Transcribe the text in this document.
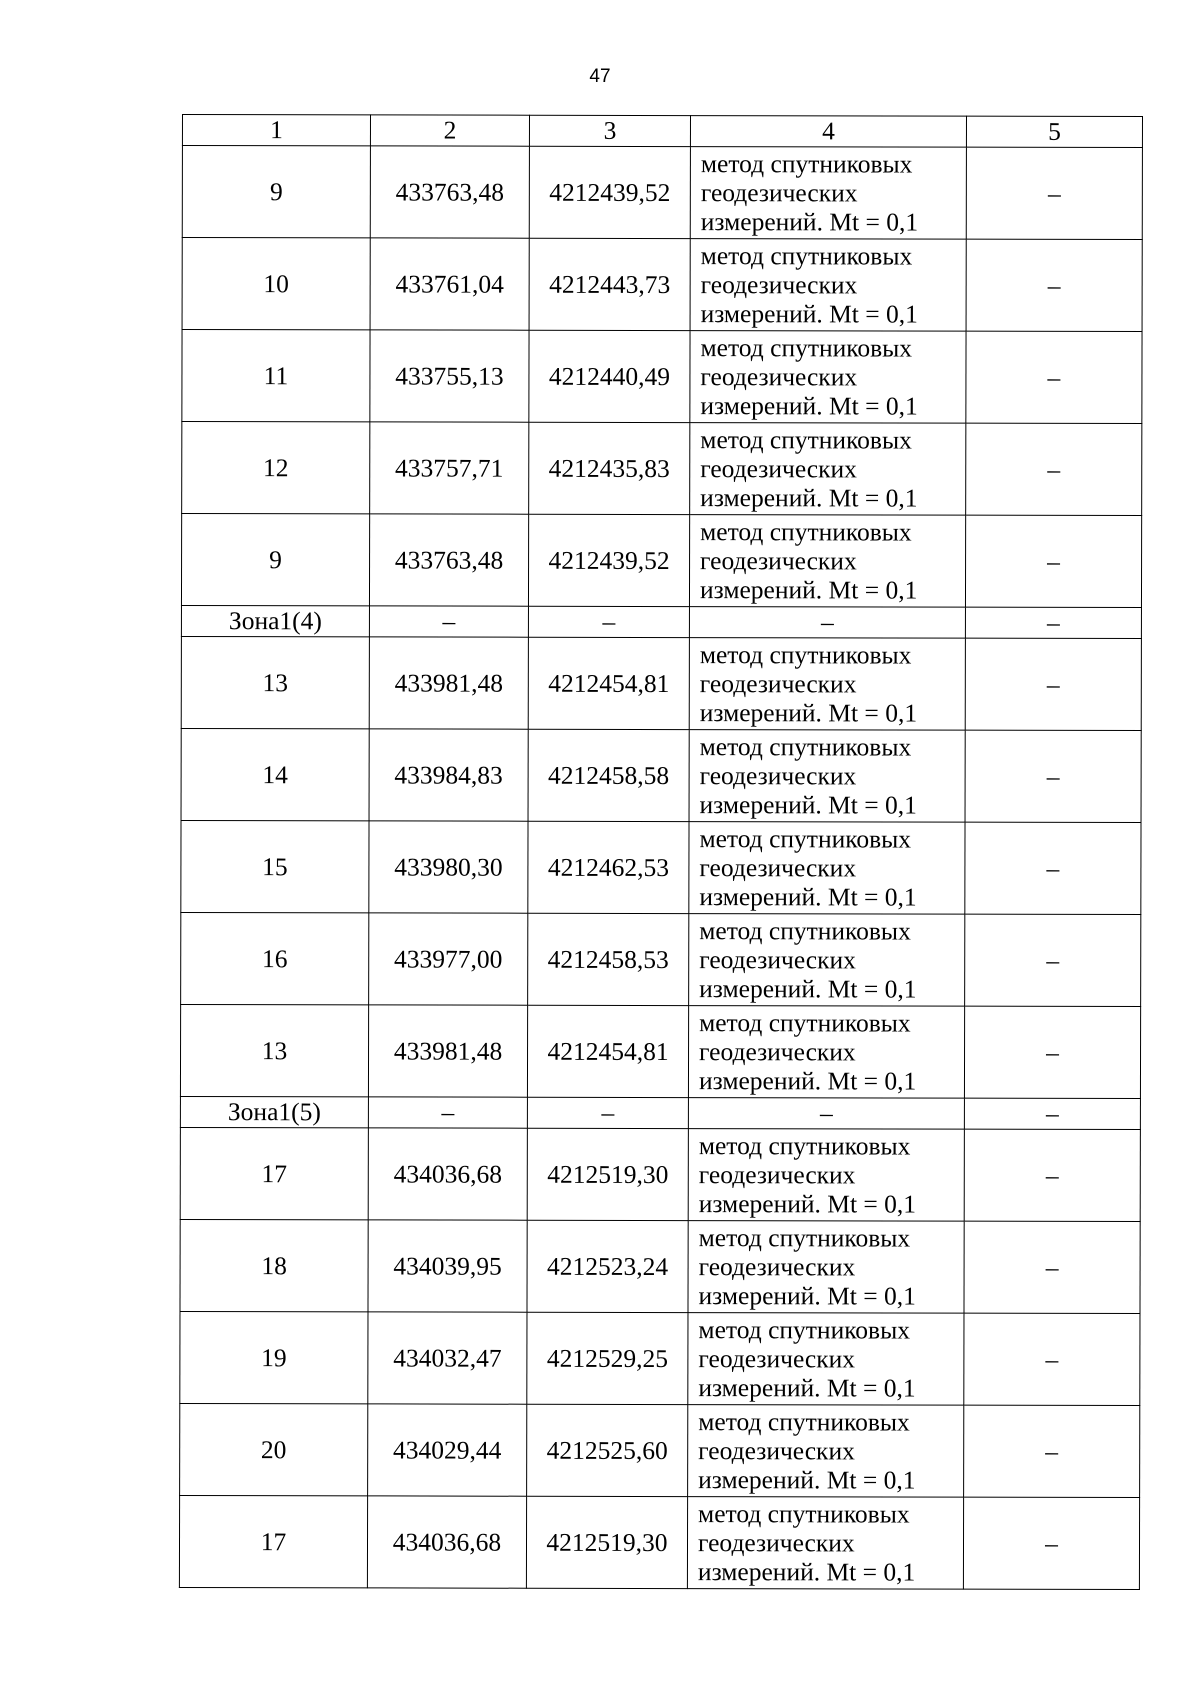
47
1	2	3	4	5
9	433763,48	4212439,52	метод спутниковых
геодезических
измерений. Mt = 0,1	–
10	433761,04	4212443,73	метод спутниковых
геодезических
измерений. Mt = 0,1	–
11	433755,13	4212440,49	метод спутниковых
геодезических
измерений. Mt = 0,1	–
12	433757,71	4212435,83	метод спутниковых
геодезических
измерений. Mt = 0,1	–
9	433763,48	4212439,52	метод спутниковых
геодезических
измерений. Mt = 0,1	–
Зона1(4)	–	–	–	–
13	433981,48	4212454,81	метод спутниковых
геодезических
измерений. Mt = 0,1	–
14	433984,83	4212458,58	метод спутниковых
геодезических
измерений. Mt = 0,1	–
15	433980,30	4212462,53	метод спутниковых
геодезических
измерений. Mt = 0,1	–
16	433977,00	4212458,53	метод спутниковых
геодезических
измерений. Mt = 0,1	–
13	433981,48	4212454,81	метод спутниковых
геодезических
измерений. Mt = 0,1	–
Зона1(5)	–	–	–	–
17	434036,68	4212519,30	метод спутниковых
геодезических
измерений. Mt = 0,1	–
18	434039,95	4212523,24	метод спутниковых
геодезических
измерений. Mt = 0,1	–
19	434032,47	4212529,25	метод спутниковых
геодезических
измерений. Mt = 0,1	–
20	434029,44	4212525,60	метод спутниковых
геодезических
измерений. Mt = 0,1	–
17	434036,68	4212519,30	метод спутниковых
геодезических
измерений. Mt = 0,1	–
